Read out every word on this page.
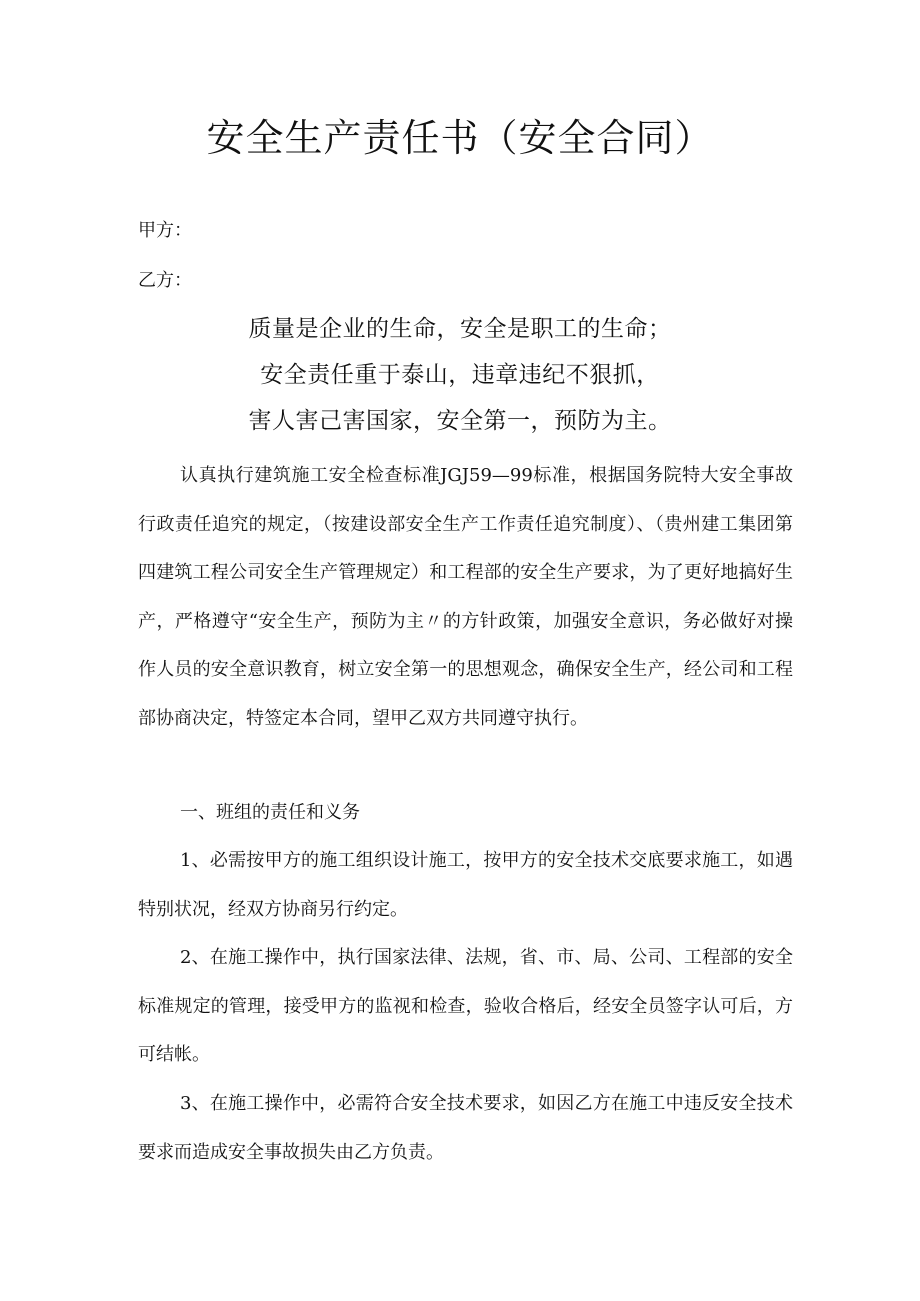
安全生产责任书（安全合同）
甲方：
乙方：
质量是企业的生命，安全是职工的生命；
安全责任重于泰山，违章违纪不狠抓，
害人害己害国家，安全第一，预防为主。

认真执行建筑施工安全检查标准JGJ59—99标准，根据国务院特大安全事故行政责任追究的规定，（按建设部安全生产工作责任追究制度）、（贵州建工集团第四建筑工程公司安全生产管理规定）和工程部的安全生产要求，为了更好地搞好生产，严格遵守“安全生产，预防为主〃的方针政策，加强安全意识，务必做好对操作人员的安全意识教育，树立安全第一的思想观念，确保安全生产，经公司和工程部协商决定，特签定本合同，望甲乙双方共同遵守执行。

一、班组的责任和义务

1、必需按甲方的施工组织设计施工，按甲方的安全技术交底要求施工，如遇特别状况，经双方协商另行约定。

2、在施工操作中，执行国家法律、法规，省、市、局、公司、工程部的安全标准规定的管理，接受甲方的监视和检查，验收合格后，经安全员签字认可后，方可结帐。

3、在施工操作中，必需符合安全技术要求，如因乙方在施工中违反安全技术要求而造成安全事故损失由乙方负责。
